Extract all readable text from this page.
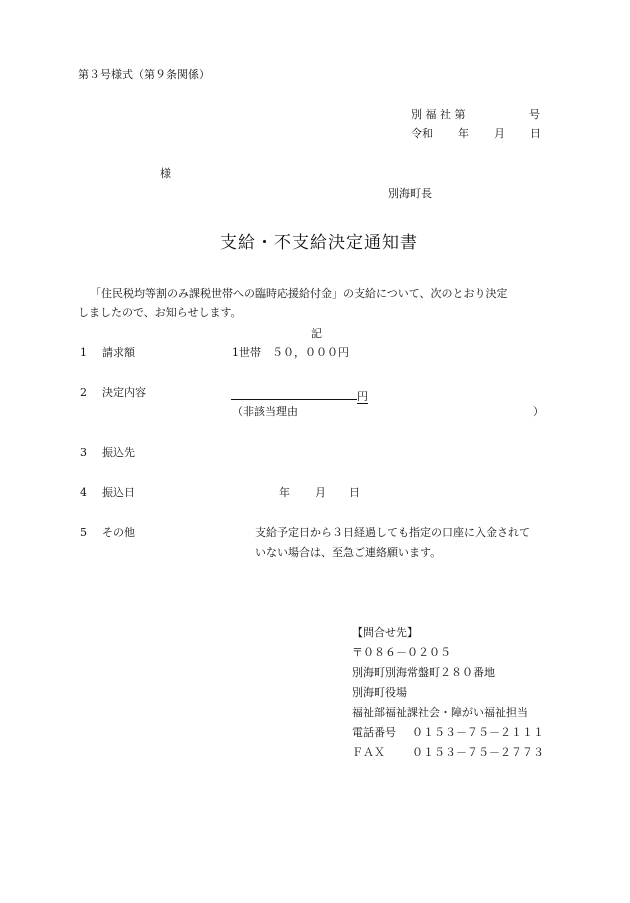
第３号様式（第９条関係）
別 福 社 第	号
令和 年 月 日
様
別海町長
支給・不支給決定通知書
「住民税均等割のみ課税世帯への臨時応援給付金」の支給について、次のとおり決定
しましたので、お知らせします。
記
1 請求額	1世帯　５０，０００円
2 決定内容	円
（非該当理由	）
3 振込先
4 振込日	年 月 日
5 その他	支給予定日から３日経過しても指定の口座に入金されて
いない場合は、至急ご連絡願います。
【問合せ先】
〒０８６－０２０５
別海町別海常盤町２８０番地
別海町役場
福祉部福祉課社会・障がい福祉担当
電話番号 ０１５３－７５－２１１１
ＦＡＸ ０１５３－７５－２７７３
